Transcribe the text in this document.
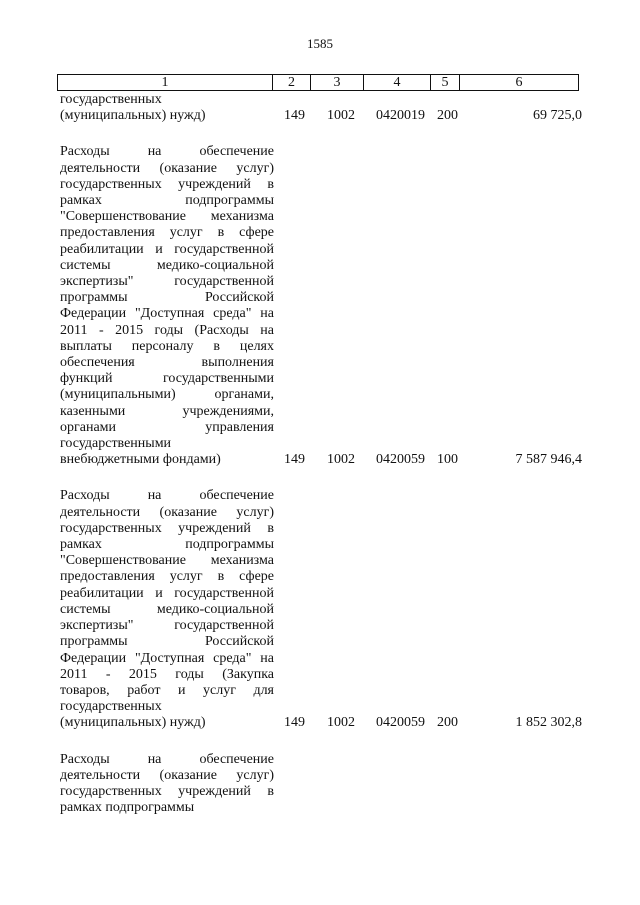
1585
1	2	3	4	5	6
государственных
(муниципальных) нужд)	149 1002 0420019 200	69 725,0
Расходы на обеспечение
деятельности (оказание услуг)
государственных учреждений в
рамках подпрограммы
"Совершенствование механизма
предоставления услуг в сфере
реабилитации и государственной
системы медико-социальной
экспертизы" государственной
программы Российской
Федерации "Доступная среда" на
2011 - 2015 годы (Расходы на
выплаты персоналу в целях
обеспечения выполнения
функций государственными
(муниципальными) органами,
казенными учреждениями,
органами управления
государственными
внебюджетными фондами)	149 1002 0420059 100	7 587 946,4
Расходы на обеспечение
деятельности (оказание услуг)
государственных учреждений в
рамках подпрограммы
"Совершенствование механизма
предоставления услуг в сфере
реабилитации и государственной
системы медико-социальной
экспертизы" государственной
программы Российской
Федерации "Доступная среда" на
2011 - 2015 годы (Закупка
товаров, работ и услуг для
государственных
(муниципальных) нужд)	149 1002 0420059 200	1 852 302,8
Расходы на обеспечение
деятельности (оказание услуг)
государственных учреждений в
рамках подпрограммы
